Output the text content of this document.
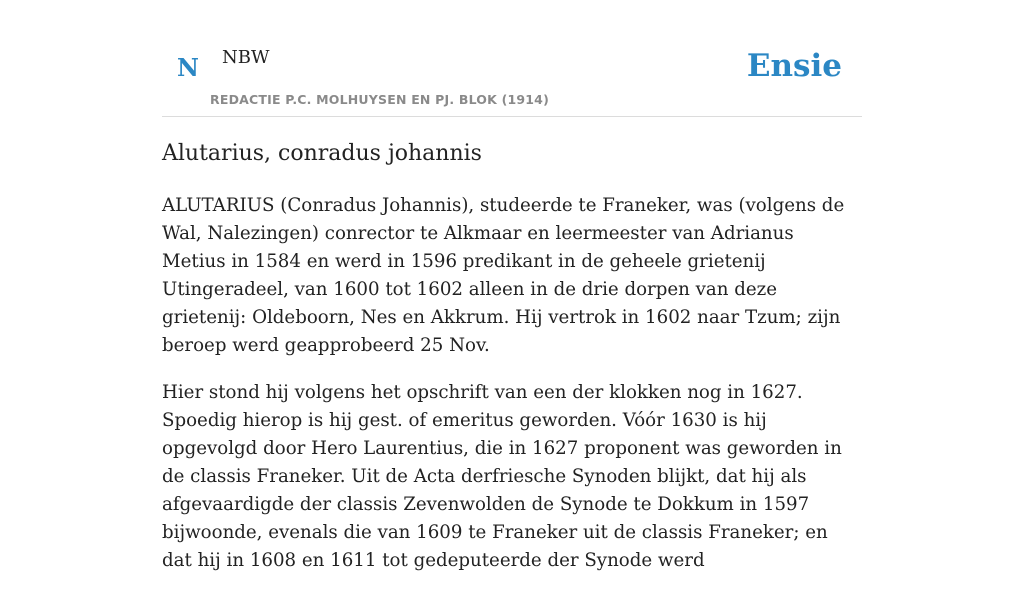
N NBW
REDACTIE P.C. MOLHUYSEN EN PJ. BLOK (1914)
Ensie
Alutarius, conradus johannis

ALUTARIUS (Conradus Johannis), studeerde te Franeker, was (volgens de Wal, Nalezingen) conrector te Alkmaar en leermeester van Adrianus Metius in 1584 en werd in 1596 predikant in de geheele grietenij Utingeradeel, van 1600 tot 1602 alleen in de drie dorpen van deze grietenij: Oldeboorn, Nes en Akkrum. Hij vertrok in 1602 naar Tzum; zijn beroep werd geapprobeerd 25 Nov.

Hier stond hij volgens het opschrift van een der klokken nog in 1627. Spoedig hierop is hij gest. of emeritus geworden. Vóór 1630 is hij opgevolgd door Hero Laurentius, die in 1627 proponent was geworden in de classis Franeker. Uit de Acta derfriesche Synoden blijkt, dat hij als afgevaardigde der classis Zevenwolden de Synode te Dokkum in 1597 bijwoonde, evenals die van 1609 te Franeker uit de classis Franeker; en dat hij in 1608 en 1611 tot gedeputeerde der Synode werd
